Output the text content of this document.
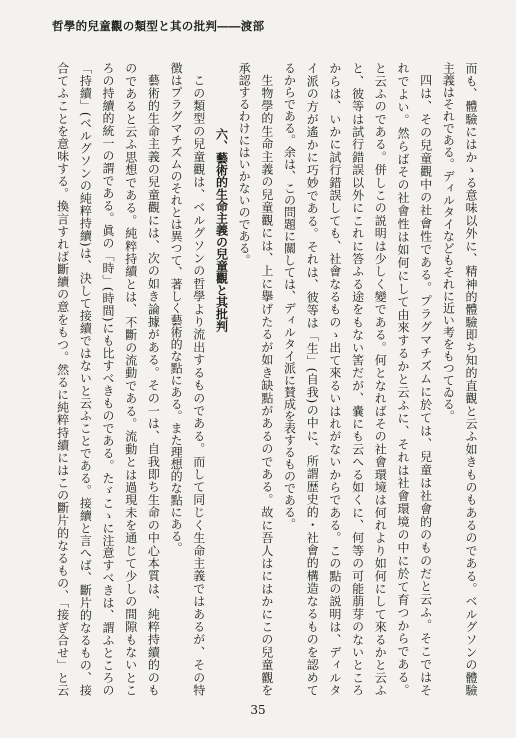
哲學的兒童觀の類型と其の批判――渡部
而も、體驗にはかゝる意味以外に、精神的體驗即ち知的直觀と云ふ如きものもあるのである。ベルグソンの體驗
主義はそれである。ディルタイなどもそれに近い考をもつてゐる。
四は、その兒童觀中の社會性である。プラグマチズムに於ては、兒童は社會的のものだと云ふ。そこではそ
れでよい。然らばその社會性は如何にして由來するかと云ふに、それは社會環境の中に於て育つからである。
と云ふのである。併しこの説明は少しく變である。何となればその社會環境は何れより如何にして來るかと云ふ
と、彼等は試行錯誤以外にこれに答ふる途をもない筈だが、嚢にも云へる如くに、何等の可能萠芽のないところ
からは、いかに試行錯誤しても、社會なるものゝ出て來るいはれがないからである。この點の説明は、ディルタ
イ派の方が遙かに巧妙である。それは、彼等は「生」(自我)の中に、所謂歴史的・社會的構造なるものを認めて
るからである。余は、この問題に關しては、ディルタイ派に賛成を表するものである。
生物學的生命主義の兒童觀には、上に擧げたるが如き缺點があるのである。故に吾人はにはかにこの兒童觀を
承認するわけにはいかないのである。
六、藝術的生命主義の兒童觀と其批判
この類型の兒童觀は、ベルグソンの哲學より流出するものである。而して同じく生命主義ではあるが、その特
徴はプラグマチズムのそれとは異つて、著しく藝術的な點にある。また理想的な點にある。
藝術的生命主義の兒童觀には、次の如き論據がある。その一は、自我即ち生命の中心本質は、純粹持續的のも
のであると云ふ思想である。純粹持續とは、不斷の流動である。流動とは過現未を通じて少しの間隙もないとこ
ろの持續的統一の謂である。眞の「時」(時間)にも比すべきものである。たゞこゝに注意すべきは、謂ふところの
「持續」(ベルグソンの純粹持續)は、決して接續ではないと云ふことである。接續と言へば、斷片的なるもの、接
合てふことを意味する。換言すれば斷續の意をもつ。然るに純粹持續にはこの斷片的なるもの、「接ぎ合せ」と云
35
